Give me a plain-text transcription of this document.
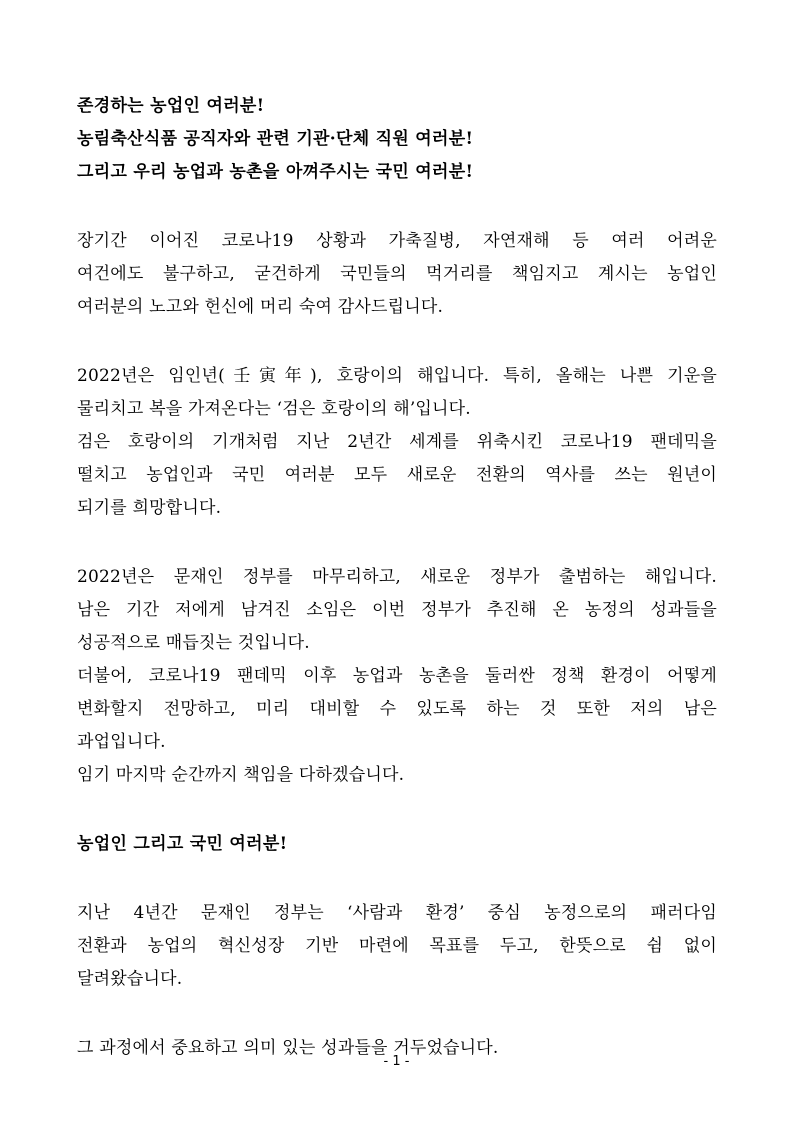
존경하는 농업인 여러분!
농림축산식품 공직자와 관련 기관·단체 직원 여러분!
그리고 우리 농업과 농촌을 아껴주시는 국민 여러분!
장기간 이어진 코로나19 상황과 가축질병, 자연재해 등 여러 어려운
여건에도 불구하고, 굳건하게 국민들의 먹거리를 책임지고 계시는 농업인
여러분의 노고와 헌신에 머리 숙여 감사드립니다.
2022년은 임인년(壬寅年), 호랑이의 해입니다. 특히, 올해는 나쁜 기운을
물리치고 복을 가져온다는 ‘검은 호랑이의 해’입니다.
검은 호랑이의 기개처럼 지난 2년간 세계를 위축시킨 코로나19 팬데믹을
떨치고 농업인과 국민 여러분 모두 새로운 전환의 역사를 쓰는 원년이
되기를 희망합니다.
2022년은 문재인 정부를 마무리하고, 새로운 정부가 출범하는 해입니다.
남은 기간 저에게 남겨진 소임은 이번 정부가 추진해 온 농정의 성과들을
성공적으로 매듭짓는 것입니다.
더불어, 코로나19 팬데믹 이후 농업과 농촌을 둘러싼 정책 환경이 어떻게
변화할지 전망하고, 미리 대비할 수 있도록 하는 것 또한 저의 남은
과업입니다.
임기 마지막 순간까지 책임을 다하겠습니다.
농업인 그리고 국민 여러분!
지난 4년간 문재인 정부는 ‘사람과 환경’ 중심 농정으로의 패러다임
전환과 농업의 혁신성장 기반 마련에 목표를 두고, 한뜻으로 쉼 없이
달려왔습니다.
그 과정에서 중요하고 의미 있는 성과들을 거두었습니다.
- 1 -
